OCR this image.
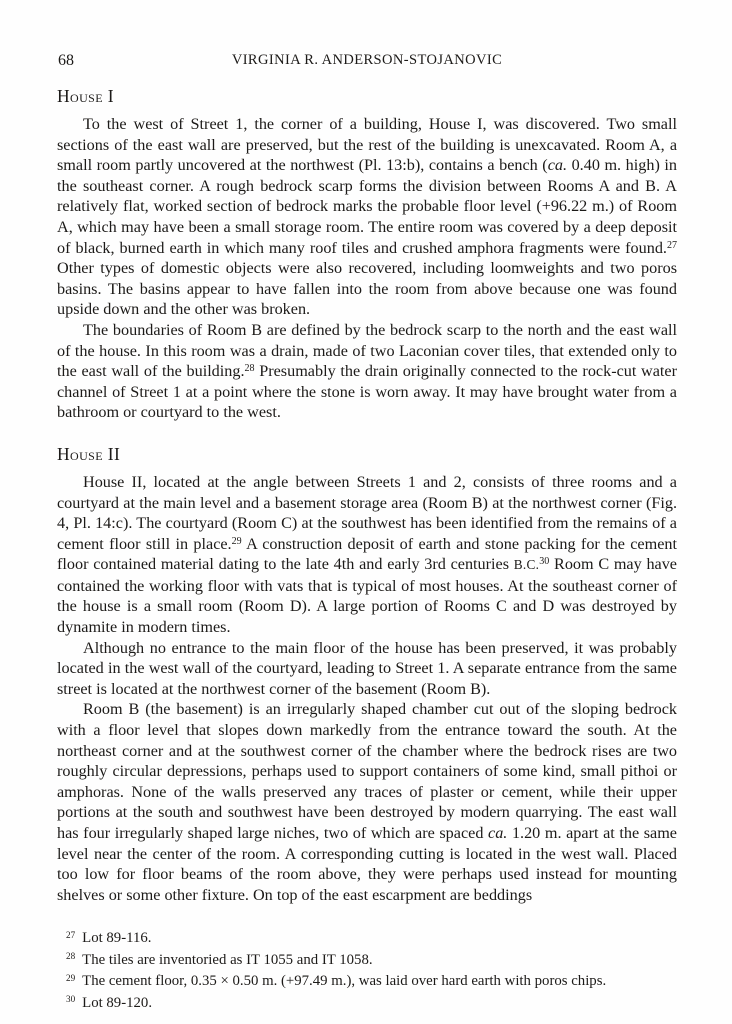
68	VIRGINIA R. ANDERSON-STOJANOVIC
House I

To the west of Street 1, the corner of a building, House I, was discovered. Two small sections of the east wall are preserved, but the rest of the building is unexcavated. Room A, a small room partly uncovered at the northwest (Pl. 13:b), contains a bench (ca. 0.40 m. high) in the southeast corner. A rough bedrock scarp forms the division between Rooms A and B. A relatively flat, worked section of bedrock marks the probable floor level (+96.22 m.) of Room A, which may have been a small storage room. The entire room was covered by a deep deposit of black, burned earth in which many roof tiles and crushed amphora fragments were found.$^{27}$ Other types of domestic objects were also recovered, including loomweights and two poros basins. The basins appear to have fallen into the room from above because one was found upside down and the other was broken.

The boundaries of Room B are defined by the bedrock scarp to the north and the east wall of the house. In this room was a drain, made of two Laconian cover tiles, that extended only to the east wall of the building.$^{28}$ Presumably the drain originally connected to the rock-cut water channel of Street 1 at a point where the stone is worn away. It may have brought water from a bathroom or courtyard to the west.

House II

House II, located at the angle between Streets 1 and 2, consists of three rooms and a courtyard at the main level and a basement storage area (Room B) at the northwest corner (Fig. 4, Pl. 14:c). The courtyard (Room C) at the southwest has been identified from the remains of a cement floor still in place.$^{29}$ A construction deposit of earth and stone packing for the cement floor contained material dating to the late 4th and early 3rd centuries B.C.$^{30}$ Room C may have contained the working floor with vats that is typical of most houses. At the southeast corner of the house is a small room (Room D). A large portion of Rooms C and D was destroyed by dynamite in modern times.

Although no entrance to the main floor of the house has been preserved, it was probably located in the west wall of the courtyard, leading to Street 1. A separate entrance from the same street is located at the northwest corner of the basement (Room B).

Room B (the basement) is an irregularly shaped chamber cut out of the sloping bedrock with a floor level that slopes down markedly from the entrance toward the south. At the northeast corner and at the southwest corner of the chamber where the bedrock rises are two roughly circular depressions, perhaps used to support containers of some kind, small pithoi or amphoras. None of the walls preserved any traces of plaster or cement, while their upper portions at the south and southwest have been destroyed by modern quarrying. The east wall has four irregularly shaped large niches, two of which are spaced ca. 1.20 m. apart at the same level near the center of the room. A corresponding cutting is located in the west wall. Placed too low for floor beams of the room above, they were perhaps used instead for mounting shelves or some other fixture. On top of the east escarpment are beddings

$^{27}$ Lot 89-116.
$^{28}$ The tiles are inventoried as IT 1055 and IT 1058.
$^{29}$ The cement floor, 0.35 × 0.50 m. (+97.49 m.), was laid over hard earth with poros chips.
$^{30}$ Lot 89-120.
